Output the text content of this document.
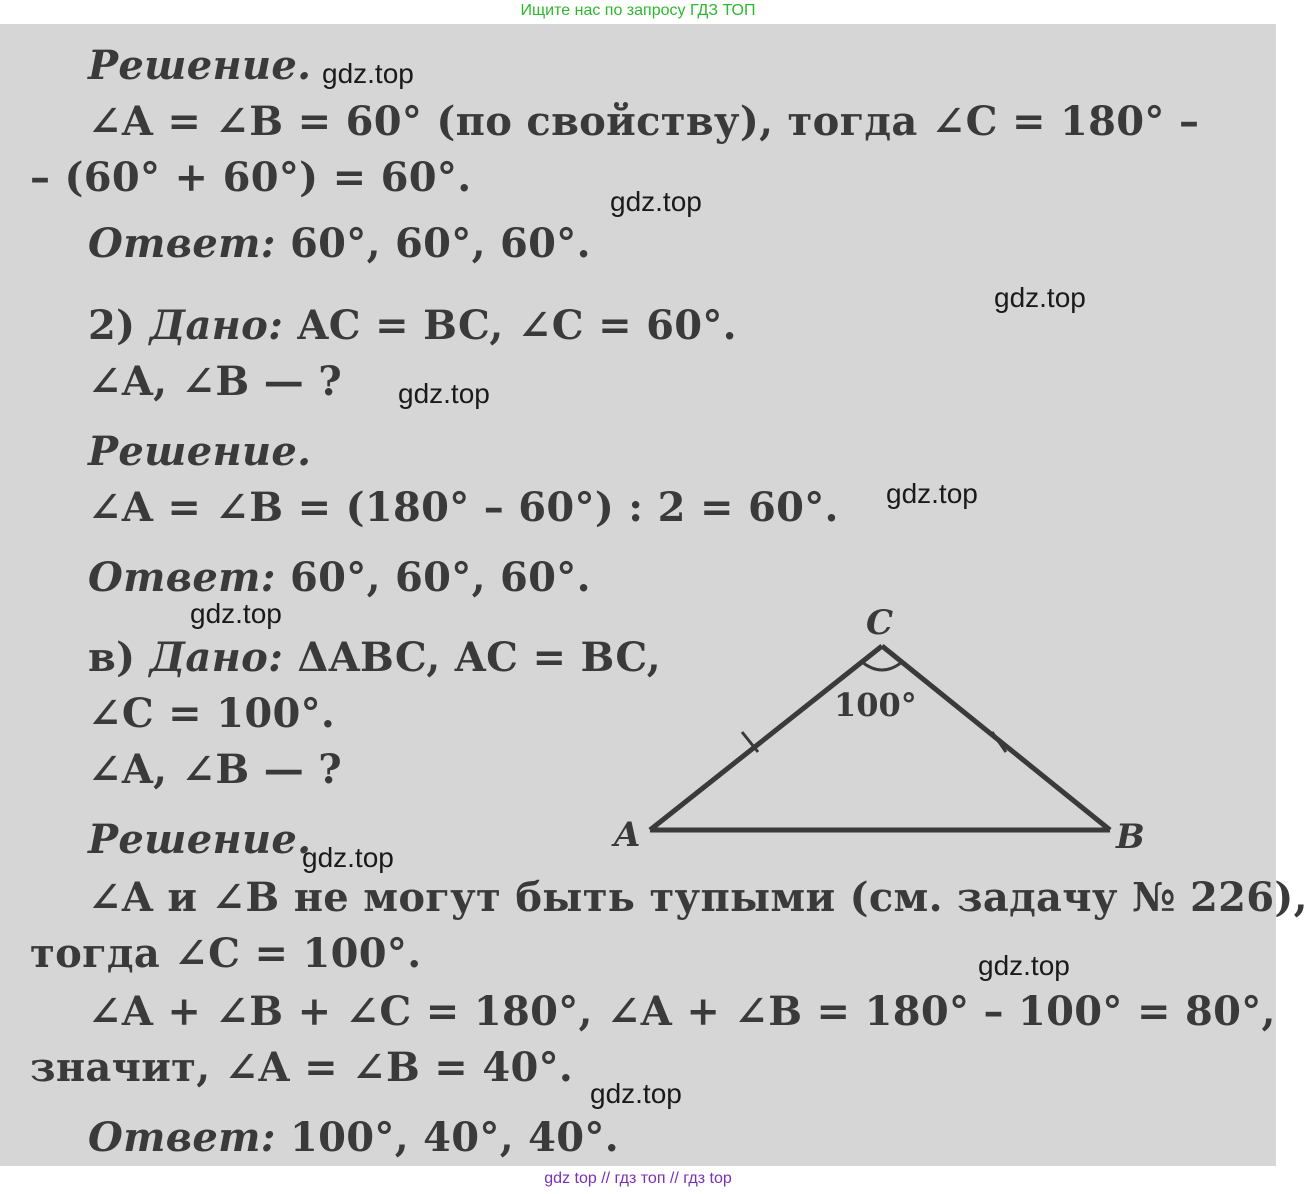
Ищите нас по запросу ГДЗ ТОП
Решение.
∠A = ∠B = 60° (по свойству), тогда ∠C = 180° –
– (60° + 60°) = 60°.
Ответ: 60°, 60°, 60°.
2) Дано: AC = BC, ∠C = 60°.
∠A, ∠B — ?
Решение.
∠A = ∠B = (180° – 60°) : 2 = 60°.
Ответ: 60°, 60°, 60°.
в) Дано: ΔABC, AC = BC,
∠C = 100°.
∠A, ∠B — ?
Решение.
∠A и ∠B не могут быть тупыми (см. задачу № 226),
тогда ∠C = 100°.
∠A + ∠B + ∠C = 180°, ∠A + ∠B = 180° – 100° = 80°,
значит, ∠A = ∠B = 40°.
Ответ: 100°, 40°, 40°.
A	B
C
100°
gdz.top
gdz.top
gdz.top
gdz.top
gdz.top
gdz.top
gdz.top
gdz.top
gdz.top
gdz top // гдз топ // гдз top
